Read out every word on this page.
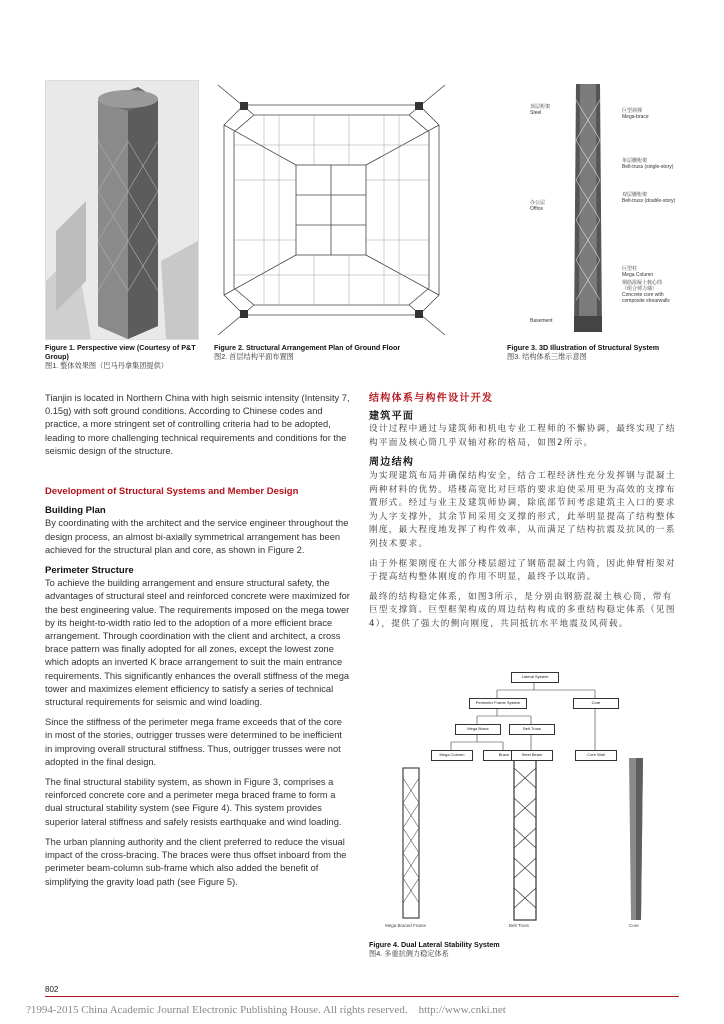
Figure 1. Perspective view (Courtesy of P&T Group)
图1. 整体效果图（巴马丹拿集团提供）
Figure 2. Structural Arrangement Plan of Ground Floor
图2. 首层结构平面布置图
顶层桁架
Steel
办公层
Office
Basement
巨型斜撑
Mega-brace
单层腰桁架
Belt-truss (single-story)
双层腰桁架
Belt-truss (double-story)
巨型柱
Mega Column
钢筋混凝土核心筒
（组合剪力墙）
Concrete core with composite shearwalls
Figure 3. 3D Illustration of Structural System
图3. 结构体系三维示意图

Tianjin is located in Northern China with high seismic intensity (Intensity 7, 0.15g) with soft ground conditions. According to Chinese codes and practice, a more stringent set of controlling criteria had to be adopted, leading to more challenging technical requirements and conditions for the seismic design of the structure.

Development of Structural Systems and Member Design
Building Plan

By coordinating with the architect and the service engineer throughout the design process, an almost bi-axially symmetrical arrangement has been achieved for the structural plan and core, as shown in Figure 2.

Perimeter Structure

To achieve the building arrangement and ensure structural safety, the advantages of structural steel and reinforced concrete were maximized for the best engineering value. The requirements imposed on the mega tower by its height-to-width ratio led to the adoption of a more efficient brace arrangement. Through coordination with the client and architect, a cross brace pattern was finally adopted for all zones, except the lowest zone which adopts an inverted K brace arrangement to suit the main entrance requirements. This significantly enhances the overall stiffness of the mega tower and maximizes element efficiency to satisfy a series of technical structural requirements for seismic and wind loading.

Since the stiffness of the perimeter mega frame exceeds that of the core in most of the stories, outrigger trusses were determined to be inefficient in improving overall structural stiffness. Thus, outrigger trusses were not adopted in the final design.

The final structural stability system, as shown in Figure 3, comprises a reinforced concrete core and a perimeter mega braced frame to form a dual structural stability system (see Figure 4). This system provides superior lateral stiffness and safely resists earthquake and wind loading.

The urban planning authority and the client preferred to reduce the visual impact of the cross-bracing. The braces were thus offset inboard from the perimeter beam-column sub-frame which also added the benefit of simplifying the gravity load path (see Figure 5).

结构体系与构件设计开发
建筑平面

设计过程中通过与建筑师和机电专业工程师的不懈协调，最终实现了结构平面及核心筒几乎双轴对称的格局，如图2所示。

周边结构

为实现建筑布局并确保结构安全，结合工程经济性充分发挥钢与混凝土两种材料的优势。塔楼高宽比对巨塔的要求迫使采用更为高效的支撑布置形式。经过与业主及建筑师协调，除底部节间考虑建筑主入口的要求为人字支撑外，其余节间采用交叉撑的形式，此举明显提高了结构整体刚度，最大程度地发挥了构件效率，从而满足了结构抗震及抗风的一系列技术要求。

由于外框架刚度在大部分楼层超过了钢筋混凝土内筒，因此伸臂桁架对于提高结构整体刚度的作用不明显，最终予以取消。

最终的结构稳定体系，如图3所示，是分别由钢筋混凝土核心筒，带有巨型支撑筒、巨型框架构成的周边结构构成的多重结构稳定体系（见图4），提供了强大的侧向刚度，共同抵抗水平地震及风荷载。

Lateral System
Perimeter Frame System	Core
Mega Brace	Belt Truss
Mega Column	Brace	Steel Beam	Core Wall
Mega Braced Frame	Belt Truss	Core
Figure 4. Dual Lateral Stability System
图4. 多重抗侧力稳定体系
802
?1994-2015 China Academic Journal Electronic Publishing House. All rights reserved.    http://www.cnki.net
